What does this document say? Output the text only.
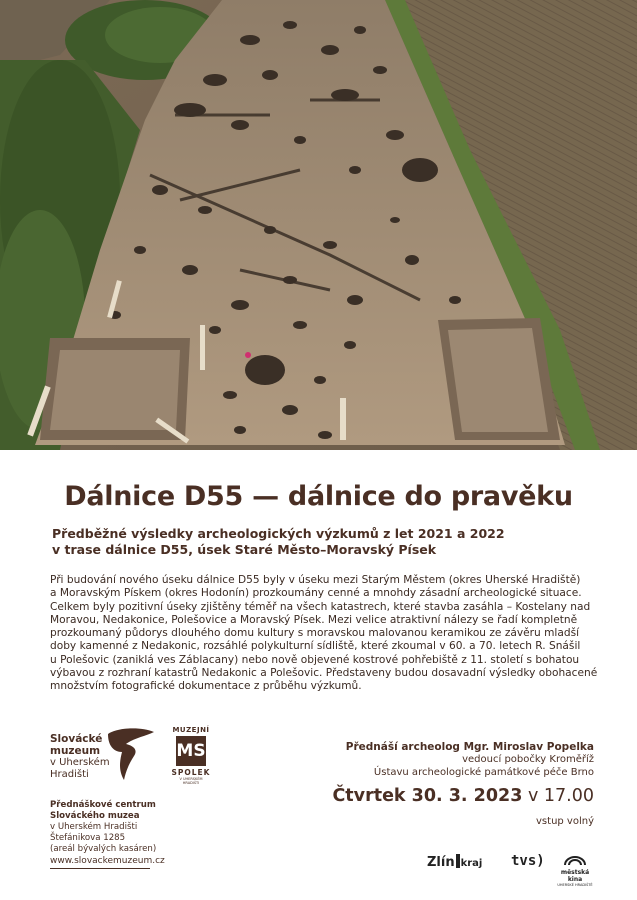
Dálnice D55 — dálnice do pravěku
Předběžné výsledky archeologických výzkumů z let 2021 a 2022
v trase dálnice D55, úsek Staré Město–Moravský Písek
Při budování nového úseku dálnice D55 byly v úseku mezi Starým Městem (okres Uherské Hradiště)
a Moravským Pískem (okres Hodonín) prozkoumány cenné a mnohdy zásadní archeologické situace.
Celkem byly pozitivní úseky zjištěny téměř na všech katastrech, které stavba zasáhla – Kostelany nad
Moravou, Nedakonice, Polešovice a Moravský Písek. Mezi velice atraktivní nálezy se řadí kompletně
prozkoumaný půdorys dlouhého domu kultury s moravskou malovanou keramikou ze závěru mladší
doby kamenné z Nedakonic, rozsáhlé polykulturní sídliště, které zkoumal v 60. a 70. letech R. Snášil
u Polešovic (zaniklá ves Záblacany) nebo nově objevené kostrové pohřebiště z 11. století s bohatou
výbavou z rozhraní katastrů Nedakonic a Polešovic. Představeny budou dosavadní výsledky obohacené
množstvím fotografické dokumentace z průběhu výzkumů.
Slovácké
muzeum
v Uherském
Hradišti
MUZEJNÍ
MS
SPOLEK
V UHERSKÉM HRADIŠTI
Přednáškové centrum
Slováckého muzea
v Uherském Hradišti
Štefánikova 1285
(areál bývalých kasáren)
www.slovackemuzeum.cz
Přednáší archeolog Mgr. Miroslav Popelka
vedoucí pobočky Kroměříž
Ústavu archeologické památkové péče Brno
Čtvrtek 30. 3. 2023 v 17.00
vstup volný
Zlín kraj tvs)
městská kina
UHERSKÉ HRADIŠTĚ
